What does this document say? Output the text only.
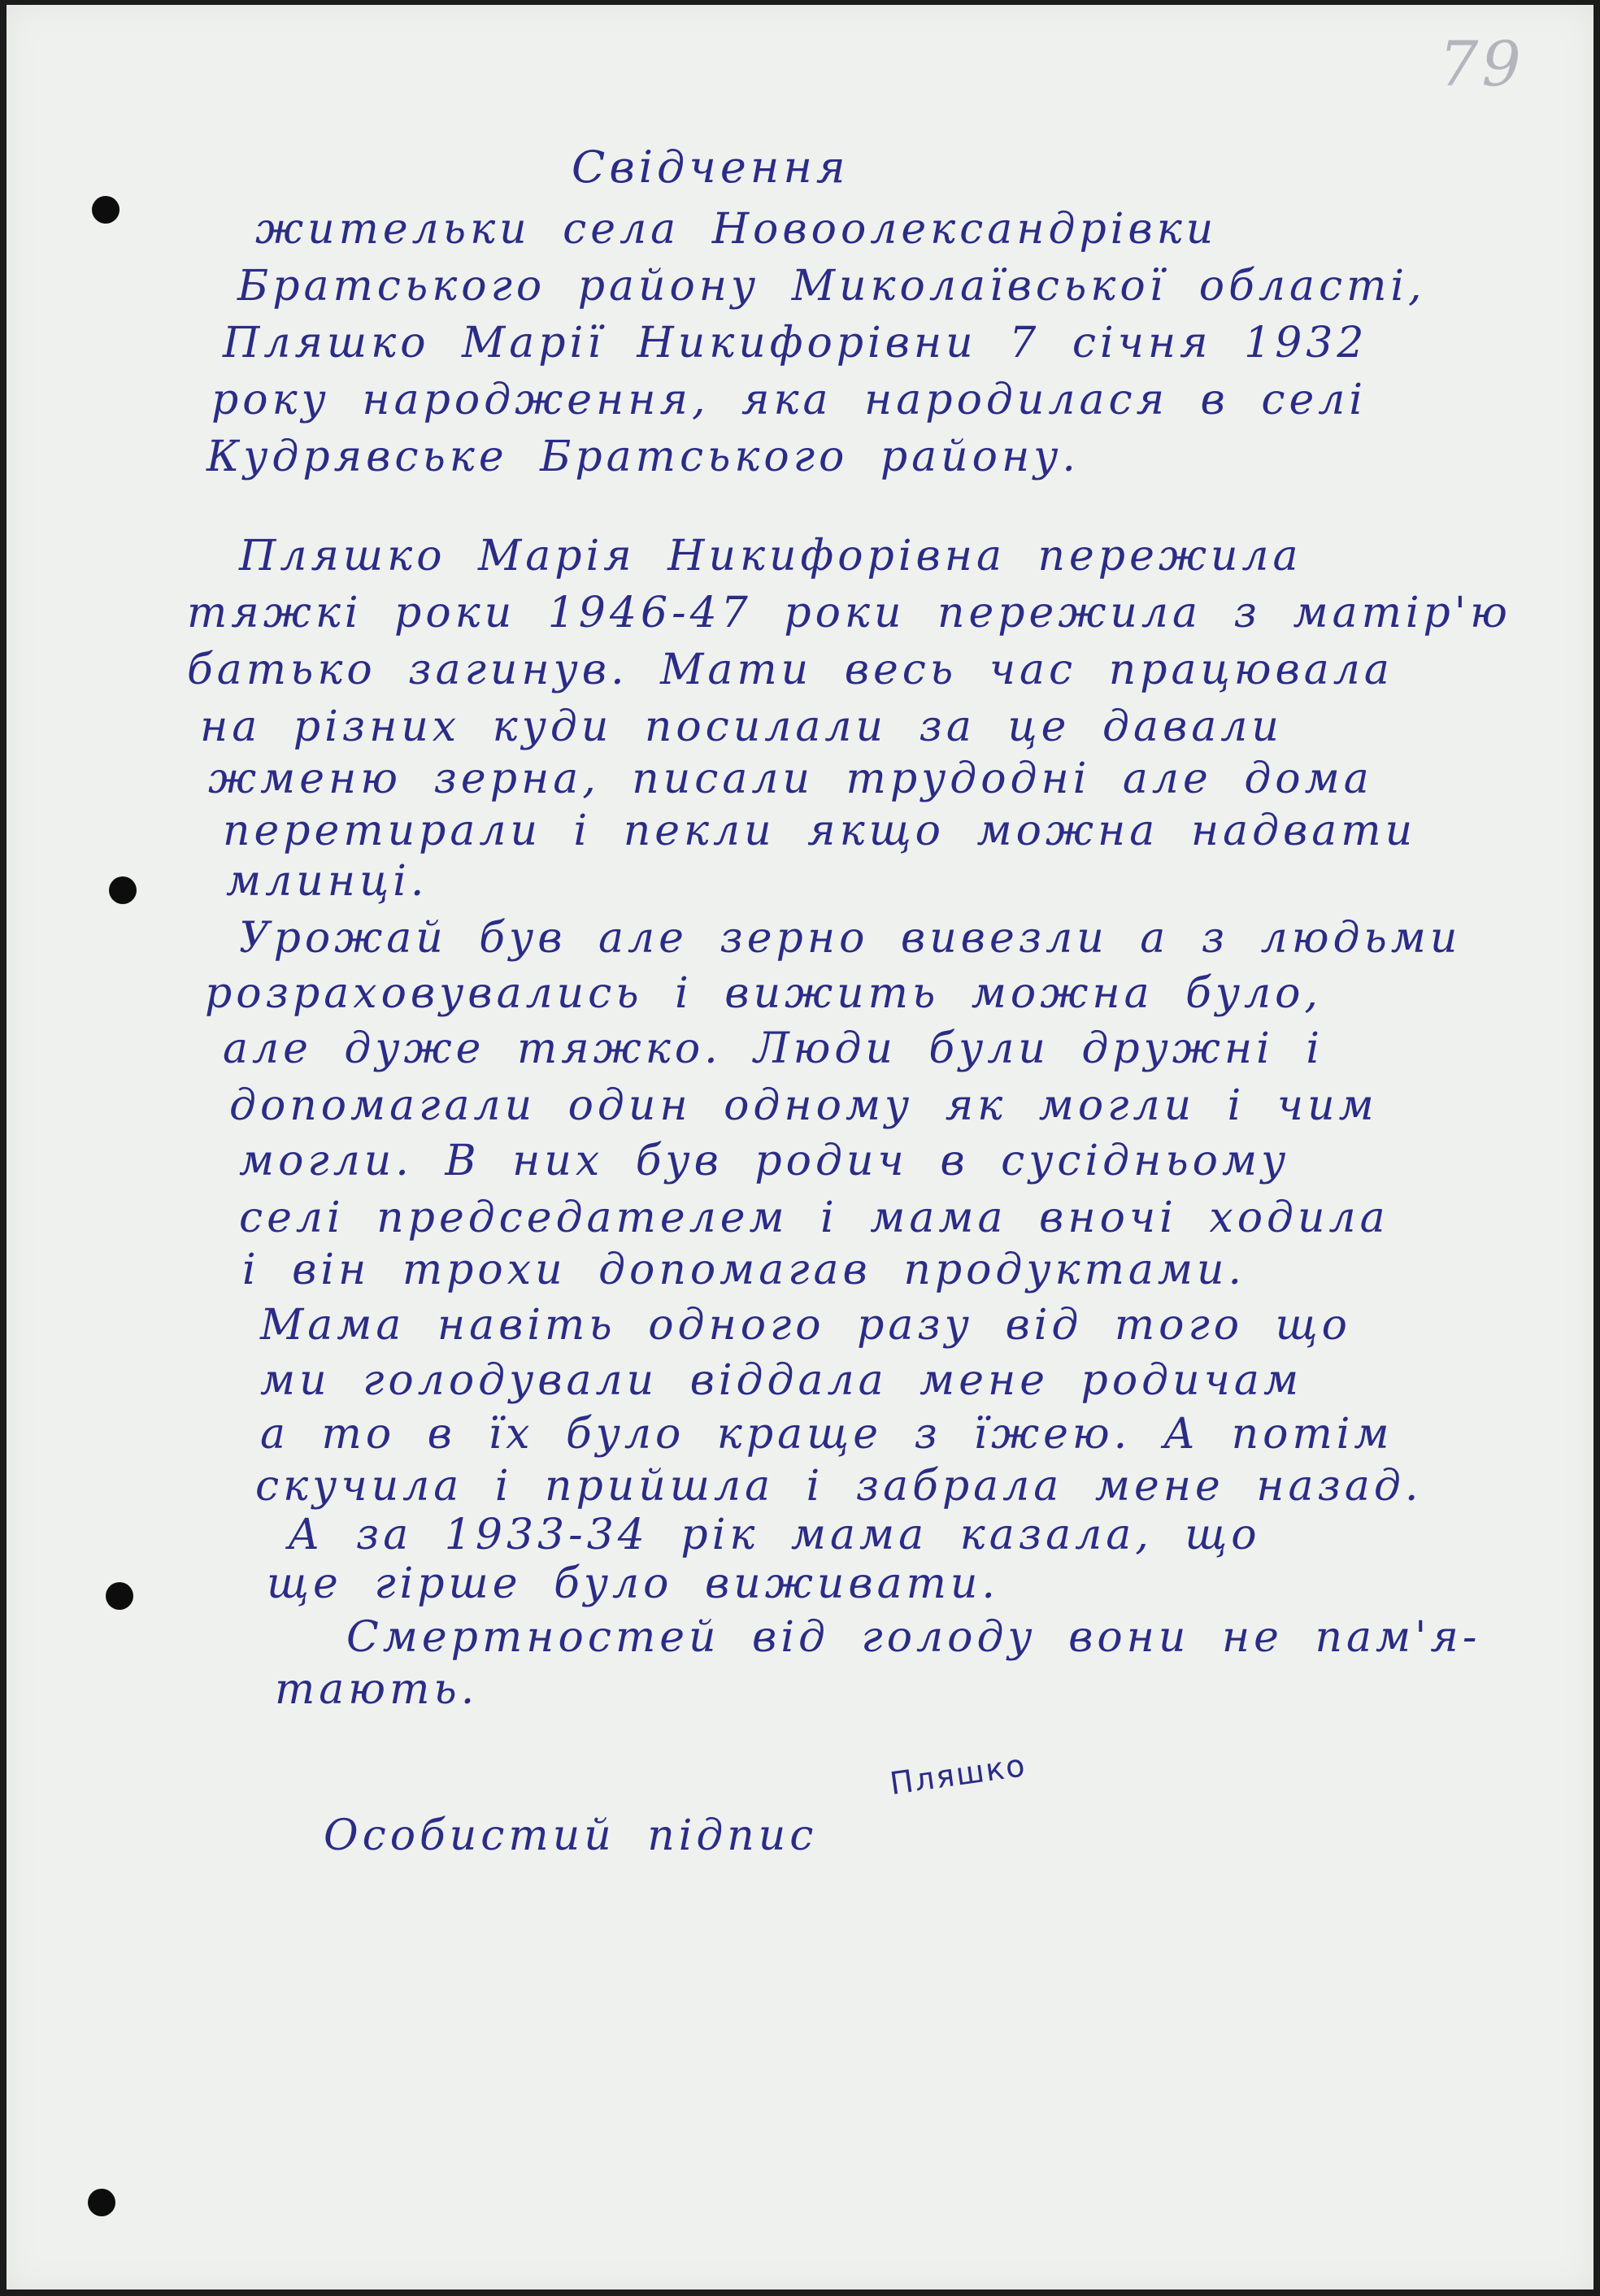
79
Свідчення
жительки села Новоолександрівки
Братського району Миколаївської області,
Пляшко Марії Никифорівни 7 січня 1932
року народження, яка народилася в селі
Кудрявське Братського району.
Пляшко Марія Никифорівна пережила
тяжкі роки 1946-47 роки пережила з матір'ю
батько загинув. Мати весь час працювала
на різних куди посилали за це давали
жменю зерна, писали трудодні але дома
перетирали і пекли якщо можна надвати
млинці.
Урожай був але зерно вивезли а з людьми
розраховувались і вижить можна було,
але дуже тяжко. Люди були дружні і
допомагали один одному як могли і чим
могли. В них був родич в сусідньому
селі председателем і мама вночі ходила
і він трохи допомагав продуктами.
Мама навіть одного разу від того що
ми голодували віддала мене родичам
а то в їх було краще з їжею. А потім
скучила і прийшла і забрала мене назад.
А за 1933-34 рік мама казала, що
ще гірше було виживати.
Смертностей від голоду вони не пам'я-
тають.
Особистий підпис
Пляшко
